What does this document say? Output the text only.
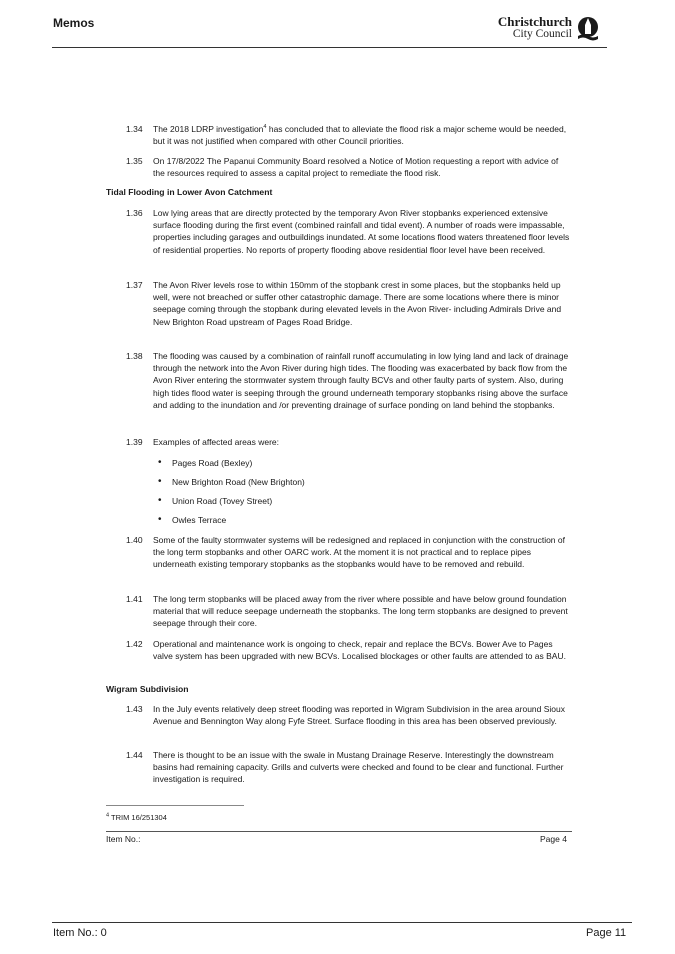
Memos	Christchurch
City Council
1.34	The 2018 LDRP investigation$^4$ has concluded that to alleviate the flood risk a major scheme would be needed, but it was not justified when compared with other Council priorities.
1.35	On 17/8/2022 The Papanui Community Board resolved a Notice of Motion requesting a report with advice of the resources required to assess a capital project to remediate the flood risk.
Tidal Flooding in Lower Avon Catchment
1.36	Low lying areas that are directly protected by the temporary Avon River stopbanks experienced extensive surface flooding during the first event (combined rainfall and tidal event). A number of roads were impassable, properties including garages and outbuildings inundated. At some locations flood waters threatened floor levels of residential properties. No reports of property flooding above residential floor level have been received.
1.37	The Avon River levels rose to within 150mm of the stopbank crest in some places, but the stopbanks held up well, were not breached or suffer other catastrophic damage. There are some locations where there is minor seepage coming through the stopbank during elevated levels in the Avon River- including Admirals Drive and New Brighton Road upstream of Pages Road Bridge.
1.38	The flooding was caused by a combination of rainfall runoff accumulating in low lying land and lack of drainage through the network into the Avon River during high tides. The flooding was exacerbated by back flow from the Avon River entering the stormwater system through faulty BCVs and other faulty parts of system. Also, during high tides flood water is seeping through the ground underneath temporary stopbanks rising above the surface and adding to the inundation and /or preventing drainage of surface ponding on land behind the stopbanks.
1.39	Examples of affected areas were:
• Pages Road (Bexley)
• New Brighton Road (New Brighton)
• Union Road (Tovey Street)
• Owles Terrace
1.40	Some of the faulty stormwater systems will be redesigned and replaced in conjunction with the construction of the long term stopbanks and other OARC work. At the moment it is not practical and to replace pipes underneath existing temporary stopbanks as the stopbanks would have to be removed and rebuild.
1.41	The long term stopbanks will be placed away from the river where possible and have below ground foundation material that will reduce seepage underneath the stopbanks. The long term stopbanks are designed to prevent seepage through their core.
1.42	Operational and maintenance work is ongoing to check, repair and replace the BCVs. Bower Ave to Pages valve system has been upgraded with new BCVs. Localised blockages or other faults are attended to as BAU.
Wigram Subdivision
1.43	In the July events relatively deep street flooding was reported in Wigram Subdivision in the area around Sioux Avenue and Bennington Way along Fyfe Street. Surface flooding in this area has been observed previously.
1.44	There is thought to be an issue with the swale in Mustang Drainage Reserve. Interestingly the downstream basins had remaining capacity. Grills and culverts were checked and found to be clear and functional. Further investigation is required.
$^4$ TRIM 16/251304
Item No.:	Page 4
Item No.: 0	Page 11
